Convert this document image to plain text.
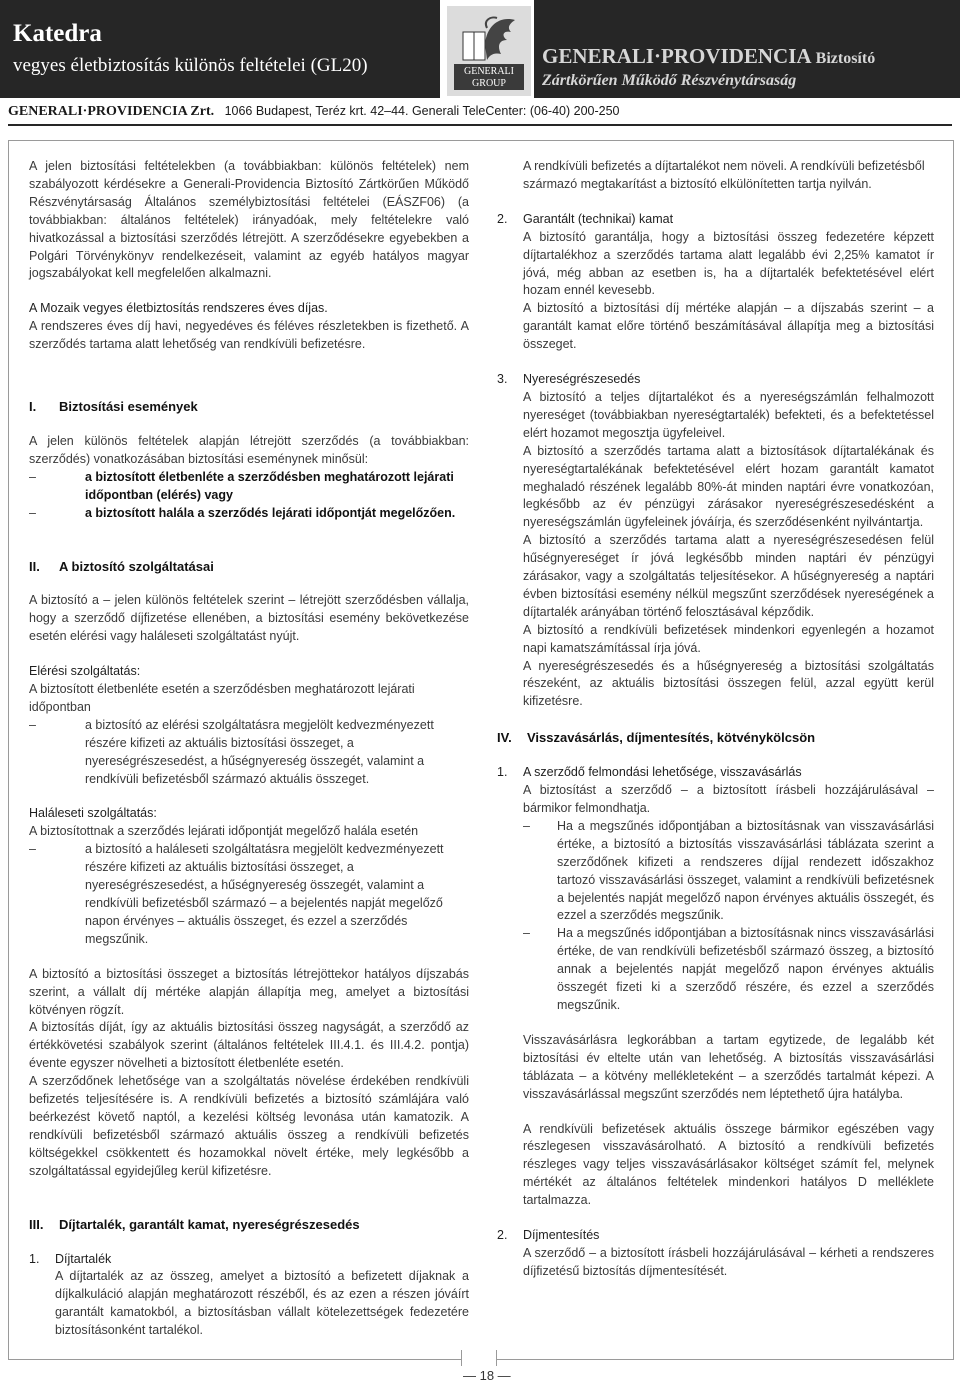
Katedra
vegyes életbiztosítás különös feltételei (GL20)	GENERALI GROUP
GENERALI·PROVIDENCIA Biztosító
Zártkörűen Működő Részvénytársaság
GENERALI·PROVIDENCIA Zrt. 1066 Budapest, Teréz krt. 42–44. Generali TeleCenter: (06-40) 200-250

A jelen biztosítási feltételekben (a továbbiakban: különös feltételek) nem szabályozott kérdésekre a Generali-Providencia Biztosító Zártkörűen Működő Részvénytársaság Általános személybiztosítási feltételei (EÁSZF06) (a továbbiakban: általános feltételek) irányadóak, mely feltételekre való hivatkozással a biztosítási szerződés létrejött. A szerződésekre egyebekben a Polgári Törvénykönyv rendelkezéseit, valamint az egyéb hatályos magyar jogszabályokat kell megfelelően alkalmazni.

A Mozaik vegyes életbiztosítás rendszeres éves díjas.

A rendszeres éves díj havi, negyedéves és féléves részletekben is fizethető. A szerződés tartama alatt lehetőség van rendkívüli befizetésre.

I.	Biztosítási események

A jelen különös feltételek alapján létrejött szerződés (a továbbiakban: szerződés) vonatkozásában biztosítási eseménynek minősül:

–	a biztosított életbenléte a szerződésben meghatározott lejárati időpontban (elérés) vagy
–	a biztosított halála a szerződés lejárati időpontját megelőzően.
II.	A biztosító szolgáltatásai

A biztosító a – jelen különös feltételek szerint – létrejött szerződésben vállalja, hogy a szerződő díjfizetése ellenében, a biztosítási esemény bekövetkezése esetén elérési vagy haláleseti szolgáltatást nyújt.

Elérési szolgáltatás:

A biztosított életbenléte esetén a szerződésben meghatározott lejárati időpontban

–	a biztosító az elérési szolgáltatásra megjelölt kedvezményezett részére kifizeti az aktuális biztosítási összeget, a nyereségrészesedést, a hűségnyereség összegét, valamint a rendkívüli befizetésből származó aktuális összeget.

Haláleseti szolgáltatás:

A biztosítottnak a szerződés lejárati időpontját megelőző halála esetén

–	a biztosító a haláleseti szolgáltatásra megjelölt kedvezményezett részére kifizeti az aktuális biztosítási összeget, a nyereségrészesedést, a hűségnyereség összegét, valamint a rendkívüli befizetésből származó – a bejelentés napját megelőző napon érvényes – aktuális összeget, és ezzel a szerződés megszűnik.

A biztosító a biztosítási összeget a biztosítás létrejöttekor hatályos díjszabás szerint, a vállalt díj mértéke alapján állapítja meg, amelyet a biztosítási kötvényen rögzít.

A biztosítás díját, így az aktuális biztosítási összeg nagyságát, a szerződő az értékkövetési szabályok szerint (általános feltételek III.4.1. és III.4.2. pontja) évente egyszer növelheti a biztosított életbenléte esetén.

A szerződőnek lehetősége van a szolgáltatás növelése érdekében rendkívüli befizetés teljesítésére is. A rendkívüli befizetés a biztosító számlájára való beérkezést követő naptól, a kezelési költség levonása után kamatozik. A rendkívüli befizetésből származó aktuális összeg a rendkívüli befizetés költségekkel csökkentett és hozamokkal növelt értéke, mely legkésőbb a szolgáltatással egyidejűleg kerül kifizetésre.

III.	Díjtartalék, garantált kamat, nyereségrészesedés
1.	Díjtartalék

A díjtartalék az az összeg, amelyet a biztosító a befizetett díjaknak a díjkalkuláció alapján meghatározott részéből, és az ezen a részen jóváírt garantált kamatokból, a biztosításban vállalt kötelezettségek fedezetére biztosításonként tartalékol.

A rendkívüli befizetés a díjtartalékot nem növeli. A rendkívüli befizetésből származó megtakarítást a biztosító elkülönítetten tartja nyilván.

2.	Garantált (technikai) kamat

A biztosító garantálja, hogy a biztosítási összeg fedezetére képzett díjtartalékhoz a szerződés tartama alatt legalább évi 2,25% kamatot ír jóvá, még abban az esetben is, ha a díjtartalék befektetésével elért hozam ennél kevesebb.

A biztosító a biztosítási díj mértéke alapján – a díjszabás szerint – a garantált kamat előre történő beszámításával állapítja meg a biztosítási összeget.

3.	Nyereségrészesedés

A biztosító a teljes díjtartalékot és a nyereségszámlán felhalmozott nyereséget (továbbiakban nyereségtartalék) befekteti, és a befektetéssel elért hozamot megosztja ügyfeleivel.

A biztosító a szerződés tartama alatt a biztosítások díjtartalékának és nyereségtartalékának befektetésével elért hozam garantált kamatot meghaladó részének legalább 80%-át minden naptári évre vonatkozóan, legkésőbb az év pénzügyi zárásakor nyereségrészesedésként a nyereségszámlán ügyfeleinek jóváírja, és szerződésenként nyilvántartja.

A biztosító a szerződés tartama alatt a nyereségrészesedésen felül hűségnyereséget ír jóvá legkésőbb minden naptári év pénzügyi zárásakor, vagy a szolgáltatás teljesítésekor. A hűségnyereség a naptári évben biztosítási esemény nélkül megszűnt szerződések nyereségének a díjtartalék arányában történő felosztásával képződik.

A biztosító a rendkívüli befizetések mindenkori egyenlegén a hozamot napi kamatszámítással írja jóvá.

A nyereségrészesedés és a hűségnyereség a biztosítási szolgáltatás részeként, az aktuális biztosítási összegen felül, azzal együtt kerül kifizetésre.

IV.	Visszavásárlás, díjmentesítés, kötvénykölcsön
1.	A szerződő felmondási lehetősége, visszavásárlás

A biztosítást a szerződő – a biztosított írásbeli hozzájárulásával – bármikor felmondhatja.

–	Ha a megszűnés időpontjában a biztosításnak van visszavásárlási értéke, a biztosító a biztosítás visszavásárlási táblázata szerint a szerződőnek kifizeti a rendszeres díjjal rendezett időszakhoz tartozó visszavásárlási összeget, valamint a rendkívüli befizetésnek a bejelentés napját megelőző napon érvényes aktuális összegét, és ezzel a szerződés megszűnik.
–	Ha a megszűnés időpontjában a biztosításnak nincs visszavásárlási értéke, de van rendkívüli befizetésből származó összeg, a biztosító annak a bejelentés napját megelőző napon érvényes aktuális összegét fizeti ki a szerződő részére, és ezzel a szerződés megszűnik.

Visszavásárlásra legkorábban a tartam egytizede, de legalább két biztosítási év eltelte után van lehetőség. A biztosítás visszavásárlási táblázata – a kötvény mellékleteként – a szerződés tartalmát képezi. A visszavásárlással megszűnt szerződés nem léptethető újra hatályba.

A rendkívüli befizetések aktuális összege bármikor egészében vagy részlegesen visszavásárolható. A biztosító a rendkívüli befizetés részleges vagy teljes visszavásárlásakor költséget számít fel, melynek mértékét az általános feltételek mindenkori hatályos D melléklete tartalmazza.

2.	Díjmentesítés

A szerződő – a biztosított írásbeli hozzájárulásával – kérheti a rendszeres díjfizetésű biztosítás díjmentesítését.

— 18 —
